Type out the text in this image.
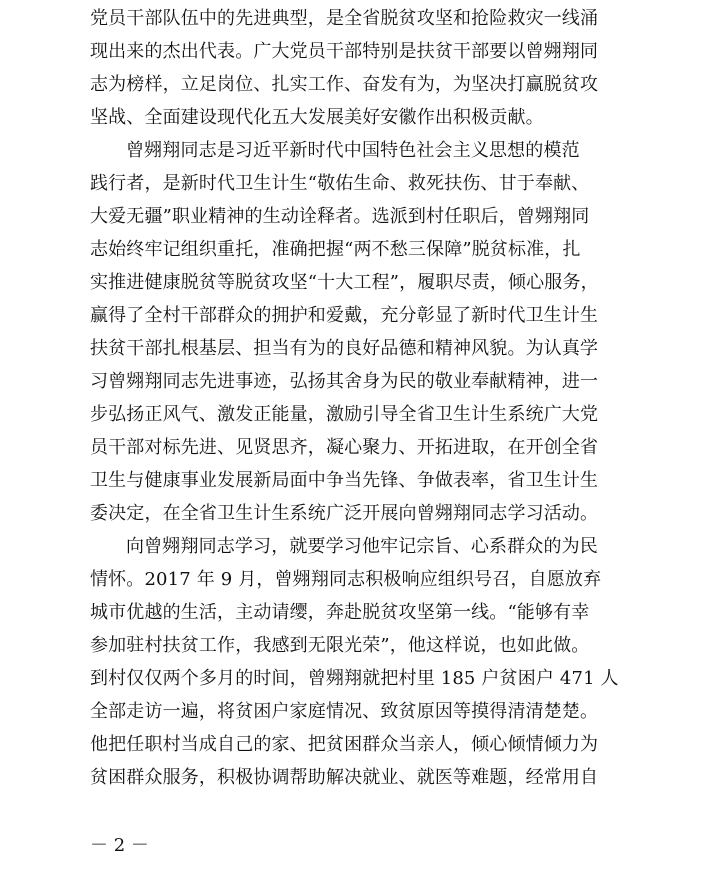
党员干部队伍中的先进典型，是全省脱贫攻坚和抢险救灾一线涌
现出来的杰出代表。广大党员干部特别是扶贫干部要以曾翙翔同
志为榜样，立足岗位、扎实工作、奋发有为，为坚决打赢脱贫攻
坚战、全面建设现代化五大发展美好安徽作出积极贡献。
曾翙翔同志是习近平新时代中国特色社会主义思想的模范
践行者，是新时代卫生计生“敬佑生命、救死扶伤、甘于奉献、
大爱无疆”职业精神的生动诠释者。选派到村任职后，曾翙翔同
志始终牢记组织重托，准确把握“两不愁三保障”脱贫标准，扎
实推进健康脱贫等脱贫攻坚“十大工程”，履职尽责，倾心服务，
赢得了全村干部群众的拥护和爱戴，充分彰显了新时代卫生计生
扶贫干部扎根基层、担当有为的良好品德和精神风貌。为认真学
习曾翙翔同志先进事迹，弘扬其舍身为民的敬业奉献精神，进一
步弘扬正风气、激发正能量，激励引导全省卫生计生系统广大党
员干部对标先进、见贤思齐，凝心聚力、开拓进取，在开创全省
卫生与健康事业发展新局面中争当先锋、争做表率，省卫生计生
委决定，在全省卫生计生系统广泛开展向曾翙翔同志学习活动。
向曾翙翔同志学习，就要学习他牢记宗旨、心系群众的为民
情怀。2017 年 9 月，曾翙翔同志积极响应组织号召，自愿放弃
城市优越的生活，主动请缨，奔赴脱贫攻坚第一线。“能够有幸
参加驻村扶贫工作，我感到无限光荣”，他这样说，也如此做。
到村仅仅两个多月的时间，曾翙翔就把村里 185 户贫困户 471 人
全部走访一遍，将贫困户家庭情况、致贫原因等摸得清清楚楚。
他把任职村当成自己的家、把贫困群众当亲人，倾心倾情倾力为
贫困群众服务，积极协调帮助解决就业、就医等难题，经常用自
－ 2 －
